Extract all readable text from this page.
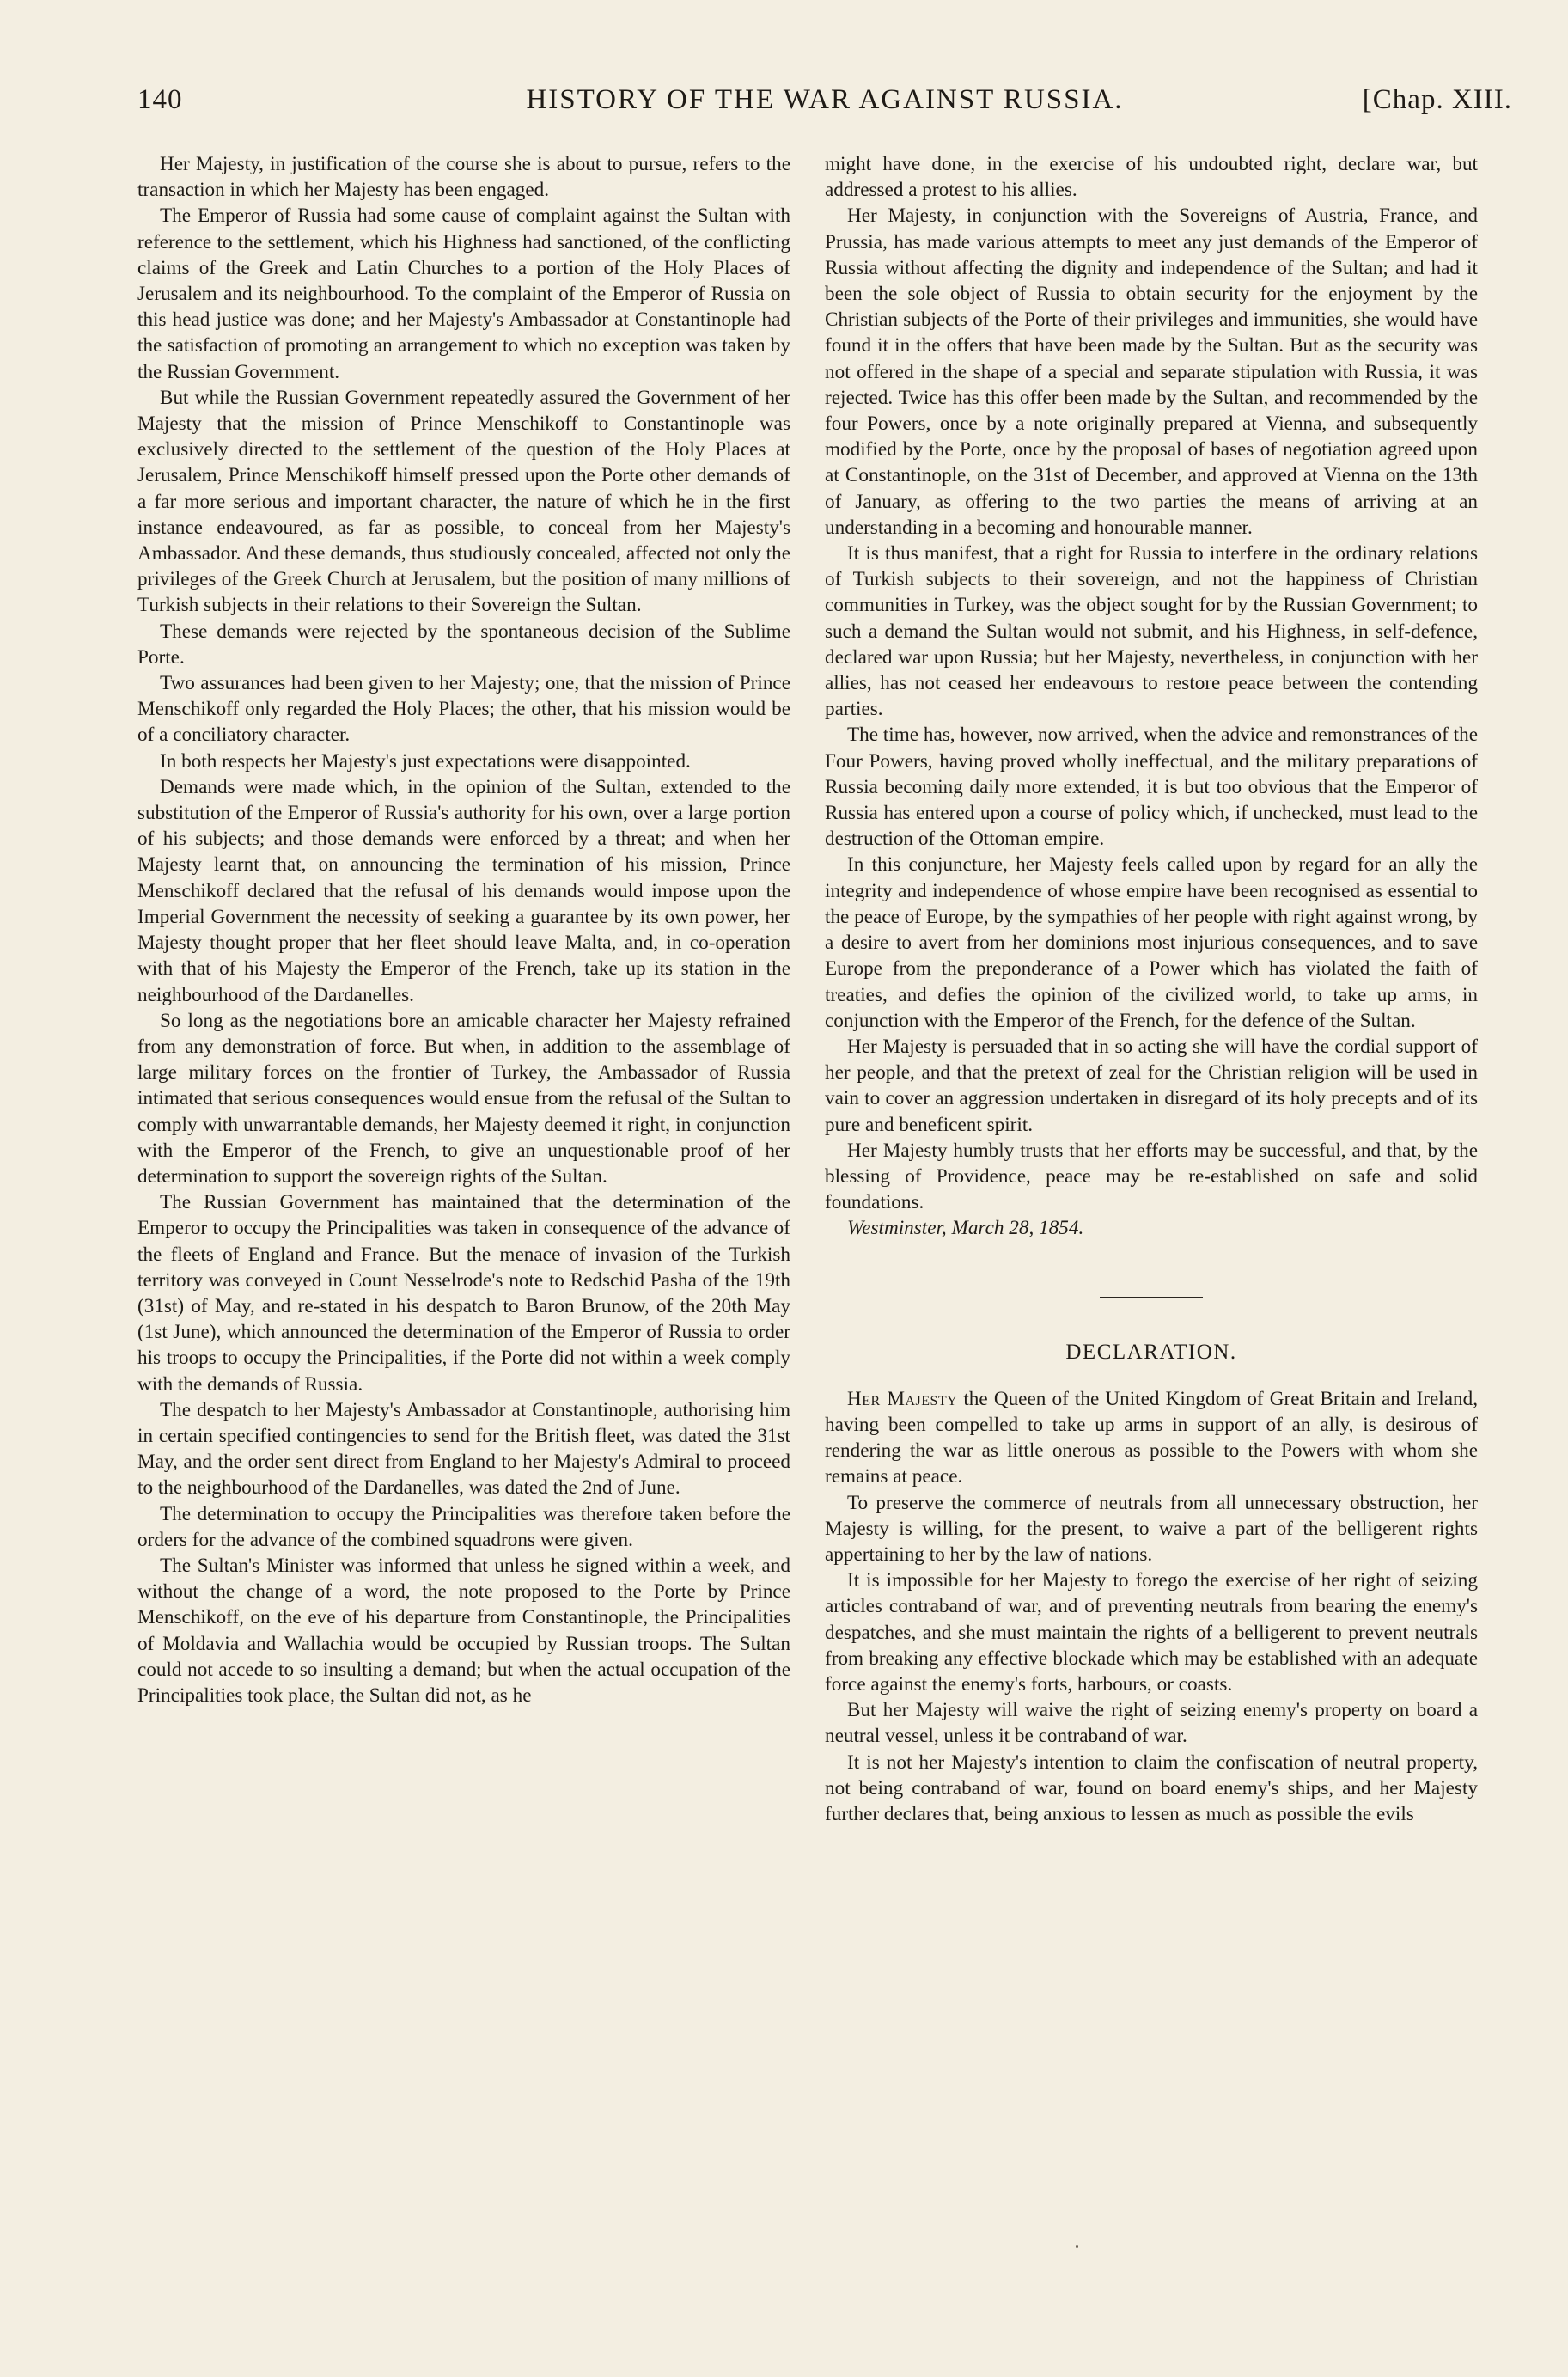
140	HISTORY OF THE WAR AGAINST RUSSIA.	[Chap. XIII.

Her Majesty, in justification of the course she is about to pursue, refers to the transaction in which her Majesty has been engaged.

The Emperor of Russia had some cause of complaint against the Sultan with reference to the settlement, which his Highness had sanctioned, of the conflicting claims of the Greek and Latin Churches to a portion of the Holy Places of Jerusalem and its neighbourhood. To the complaint of the Emperor of Russia on this head justice was done; and her Majesty's Ambassador at Constantinople had the satisfaction of promoting an arrangement to which no exception was taken by the Russian Government.

But while the Russian Government repeatedly assured the Government of her Majesty that the mission of Prince Menschikoff to Constantinople was exclusively directed to the settlement of the question of the Holy Places at Jerusalem, Prince Menschikoff himself pressed upon the Porte other demands of a far more serious and important character, the nature of which he in the first instance endeavoured, as far as possible, to conceal from her Majesty's Ambassador. And these demands, thus studiously concealed, affected not only the privileges of the Greek Church at Jerusalem, but the position of many millions of Turkish subjects in their relations to their Sovereign the Sultan.

These demands were rejected by the spontaneous decision of the Sublime Porte.

Two assurances had been given to her Majesty; one, that the mission of Prince Menschikoff only regarded the Holy Places; the other, that his mission would be of a conciliatory character.

In both respects her Majesty's just expectations were disappointed.

Demands were made which, in the opinion of the Sultan, extended to the substitution of the Emperor of Russia's authority for his own, over a large portion of his subjects; and those demands were enforced by a threat; and when her Majesty learnt that, on announcing the termination of his mission, Prince Menschikoff declared that the refusal of his demands would impose upon the Imperial Government the necessity of seeking a guarantee by its own power, her Majesty thought proper that her fleet should leave Malta, and, in co-operation with that of his Majesty the Emperor of the French, take up its station in the neighbourhood of the Dardanelles.

So long as the negotiations bore an amicable character her Majesty refrained from any demonstration of force. But when, in addition to the assemblage of large military forces on the frontier of Turkey, the Ambassador of Russia intimated that serious consequences would ensue from the refusal of the Sultan to comply with unwarrantable demands, her Majesty deemed it right, in conjunction with the Emperor of the French, to give an unquestionable proof of her determination to support the sovereign rights of the Sultan.

The Russian Government has maintained that the determination of the Emperor to occupy the Principalities was taken in consequence of the advance of the fleets of England and France. But the menace of invasion of the Turkish territory was conveyed in Count Nesselrode's note to Redschid Pasha of the 19th (31st) of May, and re-stated in his despatch to Baron Brunow, of the 20th May (1st June), which announced the determination of the Emperor of Russia to order his troops to occupy the Principalities, if the Porte did not within a week comply with the demands of Russia.

The despatch to her Majesty's Ambassador at Constantinople, authorising him in certain specified contingencies to send for the British fleet, was dated the 31st May, and the order sent direct from England to her Majesty's Admiral to proceed to the neighbourhood of the Dardanelles, was dated the 2nd of June.

The determination to occupy the Principalities was therefore taken before the orders for the advance of the combined squadrons were given.

The Sultan's Minister was informed that unless he signed within a week, and without the change of a word, the note proposed to the Porte by Prince Menschikoff, on the eve of his departure from Constantinople, the Principalities of Moldavia and Wallachia would be occupied by Russian troops. The Sultan could not accede to so insulting a demand; but when the actual occupation of the Principalities took place, the Sultan did not, as he

might have done, in the exercise of his undoubted right, declare war, but addressed a protest to his allies.

Her Majesty, in conjunction with the Sovereigns of Austria, France, and Prussia, has made various attempts to meet any just demands of the Emperor of Russia without affecting the dignity and independence of the Sultan; and had it been the sole object of Russia to obtain security for the enjoyment by the Christian subjects of the Porte of their privileges and immunities, she would have found it in the offers that have been made by the Sultan. But as the security was not offered in the shape of a special and separate stipulation with Russia, it was rejected. Twice has this offer been made by the Sultan, and recommended by the four Powers, once by a note originally prepared at Vienna, and subsequently modified by the Porte, once by the proposal of bases of negotiation agreed upon at Constantinople, on the 31st of December, and approved at Vienna on the 13th of January, as offering to the two parties the means of arriving at an understanding in a becoming and honourable manner.

It is thus manifest, that a right for Russia to interfere in the ordinary relations of Turkish subjects to their sovereign, and not the happiness of Christian communities in Turkey, was the object sought for by the Russian Government; to such a demand the Sultan would not submit, and his Highness, in self-defence, declared war upon Russia; but her Majesty, nevertheless, in conjunction with her allies, has not ceased her endeavours to restore peace between the contending parties.

The time has, however, now arrived, when the advice and remonstrances of the Four Powers, having proved wholly ineffectual, and the military preparations of Russia becoming daily more extended, it is but too obvious that the Emperor of Russia has entered upon a course of policy which, if unchecked, must lead to the destruction of the Ottoman empire.

In this conjuncture, her Majesty feels called upon by regard for an ally the integrity and independence of whose empire have been recognised as essential to the peace of Europe, by the sympathies of her people with right against wrong, by a desire to avert from her dominions most injurious consequences, and to save Europe from the preponderance of a Power which has violated the faith of treaties, and defies the opinion of the civilized world, to take up arms, in conjunction with the Emperor of the French, for the defence of the Sultan.

Her Majesty is persuaded that in so acting she will have the cordial support of her people, and that the pretext of zeal for the Christian religion will be used in vain to cover an aggression undertaken in disregard of its holy precepts and of its pure and beneficent spirit.

Her Majesty humbly trusts that her efforts may be successful, and that, by the blessing of Providence, peace may be re-established on safe and solid foundations.

Westminster, March 28, 1854.

DECLARATION.

Her Majesty the Queen of the United Kingdom of Great Britain and Ireland, having been compelled to take up arms in support of an ally, is desirous of rendering the war as little onerous as possible to the Powers with whom she remains at peace.

To preserve the commerce of neutrals from all unnecessary obstruction, her Majesty is willing, for the present, to waive a part of the belligerent rights appertaining to her by the law of nations.

It is impossible for her Majesty to forego the exercise of her right of seizing articles contraband of war, and of preventing neutrals from bearing the enemy's despatches, and she must maintain the rights of a belligerent to prevent neutrals from breaking any effective blockade which may be established with an adequate force against the enemy's forts, harbours, or coasts.

But her Majesty will waive the right of seizing enemy's property on board a neutral vessel, unless it be contraband of war.

It is not her Majesty's intention to claim the confiscation of neutral property, not being contraband of war, found on board enemy's ships, and her Majesty further declares that, being anxious to lessen as much as possible the evils
